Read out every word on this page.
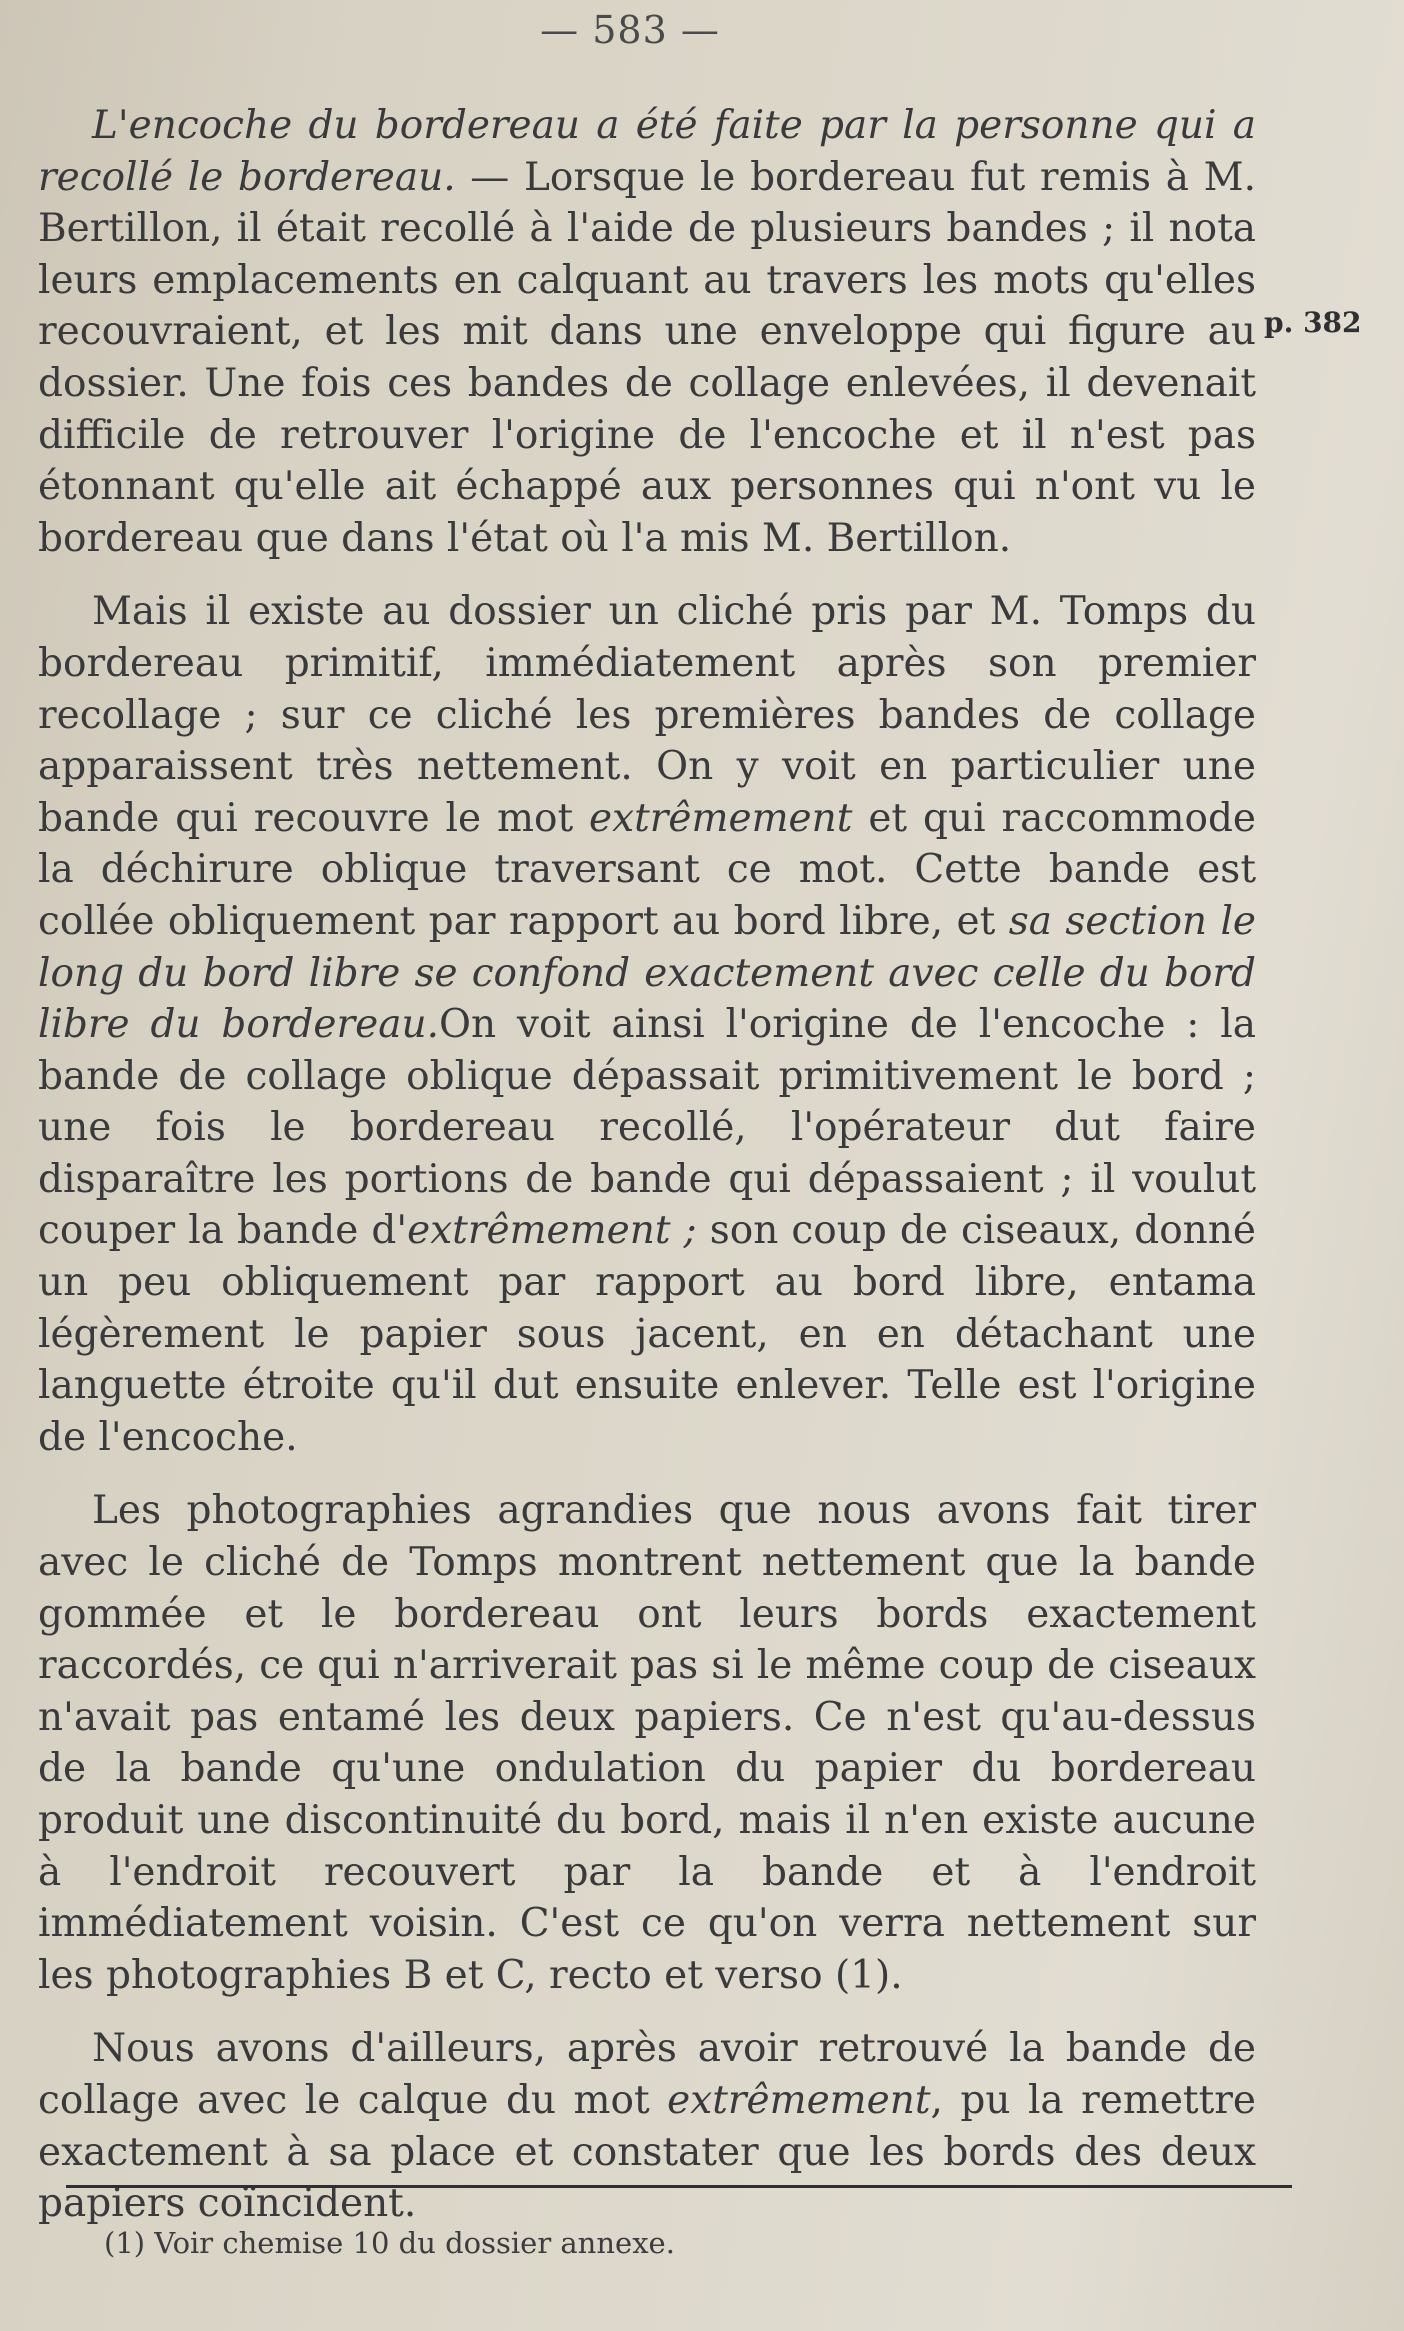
— 583 —
p. 382

L'encoche du bordereau a été faite par la personne qui a recollé le bordereau. — Lorsque le bordereau fut remis à M. Bertillon, il était recollé à l'aide de plusieurs bandes ; il nota leurs emplacements en calquant au travers les mots qu'elles recouvraient, et les mit dans une enveloppe qui figure au dossier. Une fois ces bandes de collage enlevées, il devenait difficile de retrouver l'origine de l'encoche et il n'est pas étonnant qu'elle ait échappé aux personnes qui n'ont vu le bordereau que dans l'état où l'a mis M. Bertillon.

Mais il existe au dossier un cliché pris par M. Tomps du bordereau primitif, immédiatement après son premier recollage ; sur ce cliché les premières bandes de collage apparaissent très nettement. On y voit en particulier une bande qui recouvre le mot extrêmement et qui raccommode la déchirure oblique traversant ce mot. Cette bande est collée obliquement par rapport au bord libre, et sa section le long du bord libre se confond exactement avec celle du bord libre du bordereau.On voit ainsi l'origine de l'encoche : la bande de collage oblique dépassait primitivement le bord ; une fois le bordereau recollé, l'opérateur dut faire disparaître les portions de bande qui dépassaient ; il voulut couper la bande d'extrêmement ; son coup de ciseaux, donné un peu obliquement par rapport au bord libre, entama légèrement le papier sous jacent, en en détachant une languette étroite qu'il dut ensuite enlever. Telle est l'origine de l'encoche.

Les photographies agrandies que nous avons fait tirer avec le cliché de Tomps montrent nettement que la bande gommée et le bordereau ont leurs bords exactement raccordés, ce qui n'arriverait pas si le même coup de ciseaux n'avait pas entamé les deux papiers. Ce n'est qu'au-dessus de la bande qu'une ondulation du papier du bordereau produit une discontinuité du bord, mais il n'en existe aucune à l'endroit recouvert par la bande et à l'endroit immédiatement voisin. C'est ce qu'on verra nettement sur les photographies B et C, recto et verso (1).

Nous avons d'ailleurs, après avoir retrouvé la bande de collage avec le calque du mot extrêmement, pu la remettre exactement à sa place et constater que les bords des deux papiers coïncident.

(1) Voir chemise 10 du dossier annexe.
